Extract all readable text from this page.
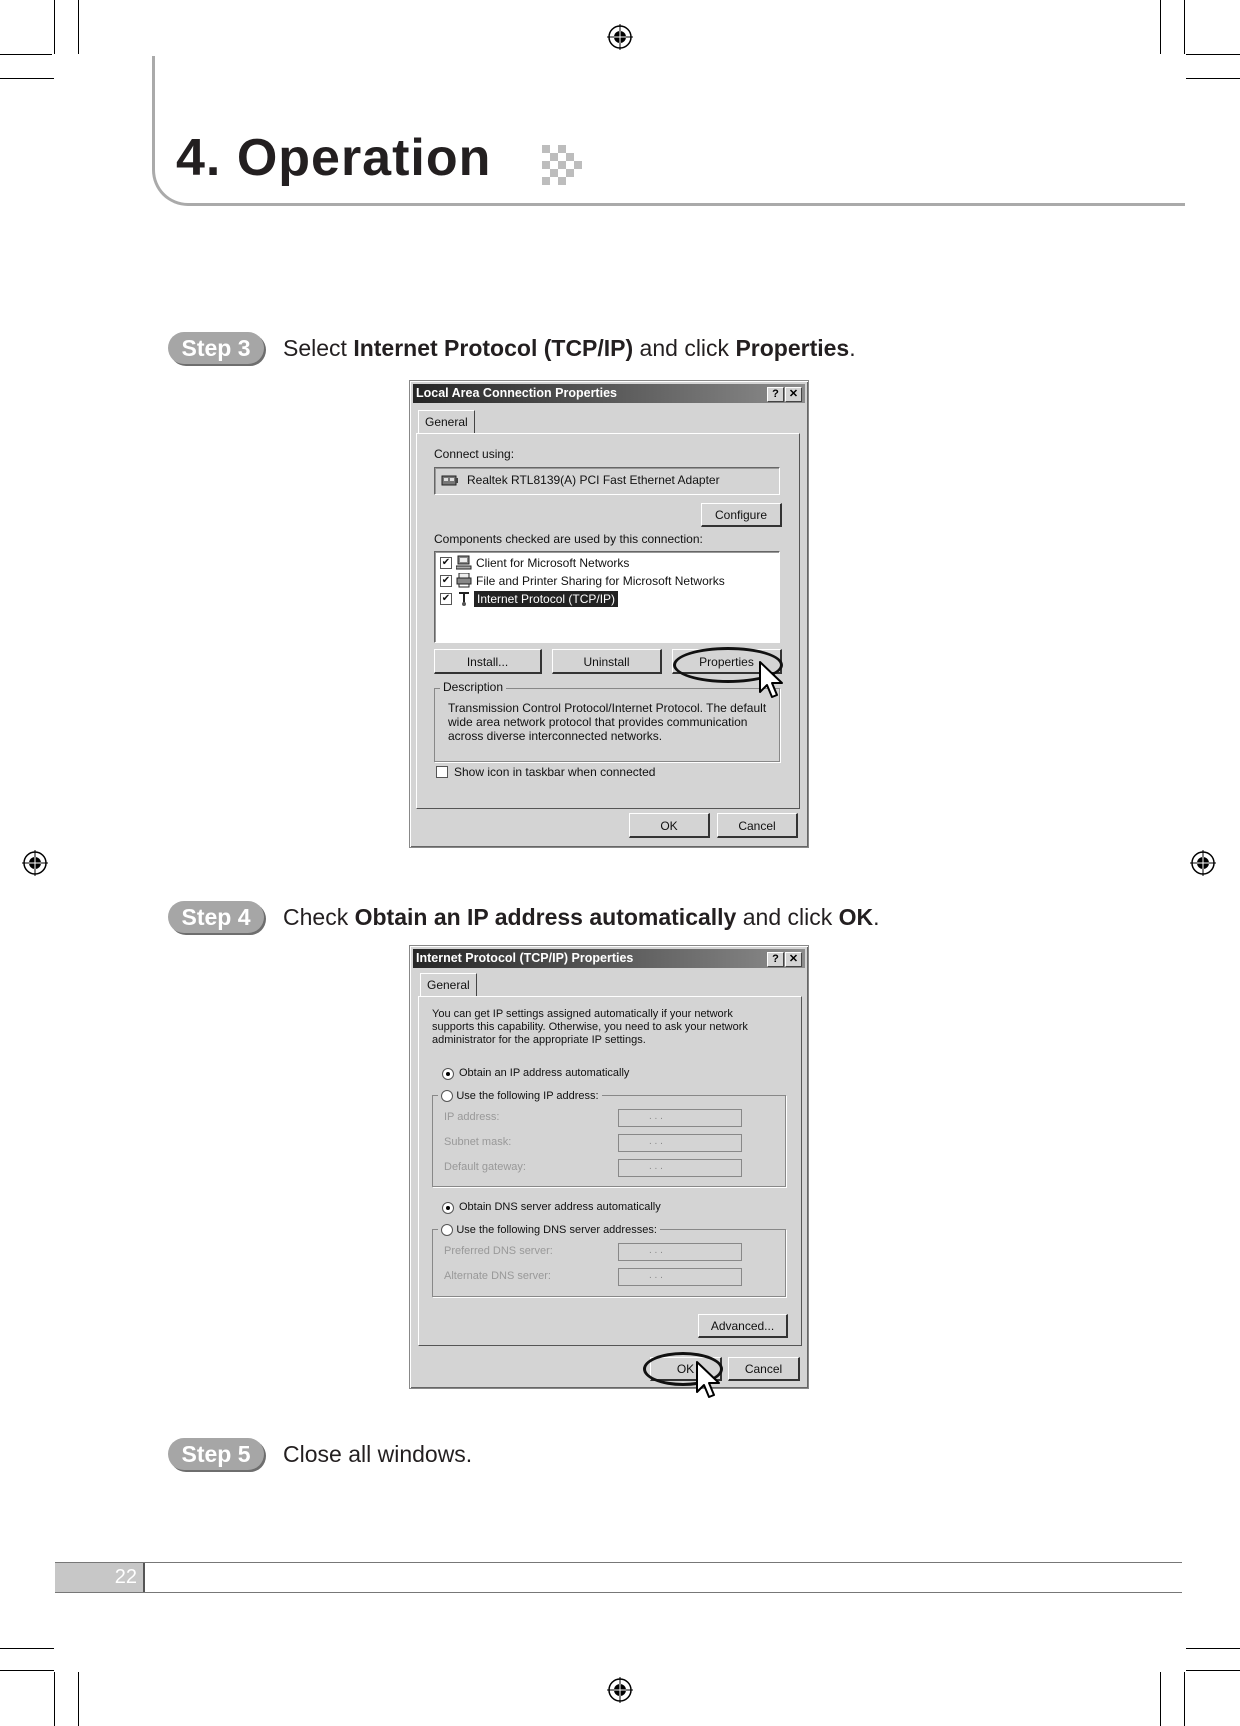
4. Operation
Step 3	Select Internet Protocol (TCP/IP) and click Properties.
Local Area Connection Properties	? ✕
General
Connect using:
Realtek RTL8139(A) PCI Fast Ethernet Adapter
Configure
Components checked are used by this connection:
✔ Client for Microsoft Networks
✔ File and Printer Sharing for Microsoft Networks
✔ Internet Protocol (TCP/IP)
Install...	Uninstall	Properties
Description
Transmission Control Protocol/Internet Protocol. The default wide area network protocol that provides communication across diverse interconnected networks.
Show icon in taskbar when connected
OK	Cancel
Step 4	Check Obtain an IP address automatically and click OK.
Internet Protocol (TCP/IP) Properties	? ✕
General
You can get IP settings assigned automatically if your network supports this capability. Otherwise, you need to ask your network administrator for the appropriate IP settings.
Obtain an IP address automatically
Use the following IP address:
IP address:	. . .
Subnet mask:	. . .
Default gateway:	. . .
Obtain DNS server address automatically
Use the following DNS server addresses:
Preferred DNS server:	. . .
Alternate DNS server:	. . .
Advanced...
OK	Cancel
Step 5	Close all windows.
22
